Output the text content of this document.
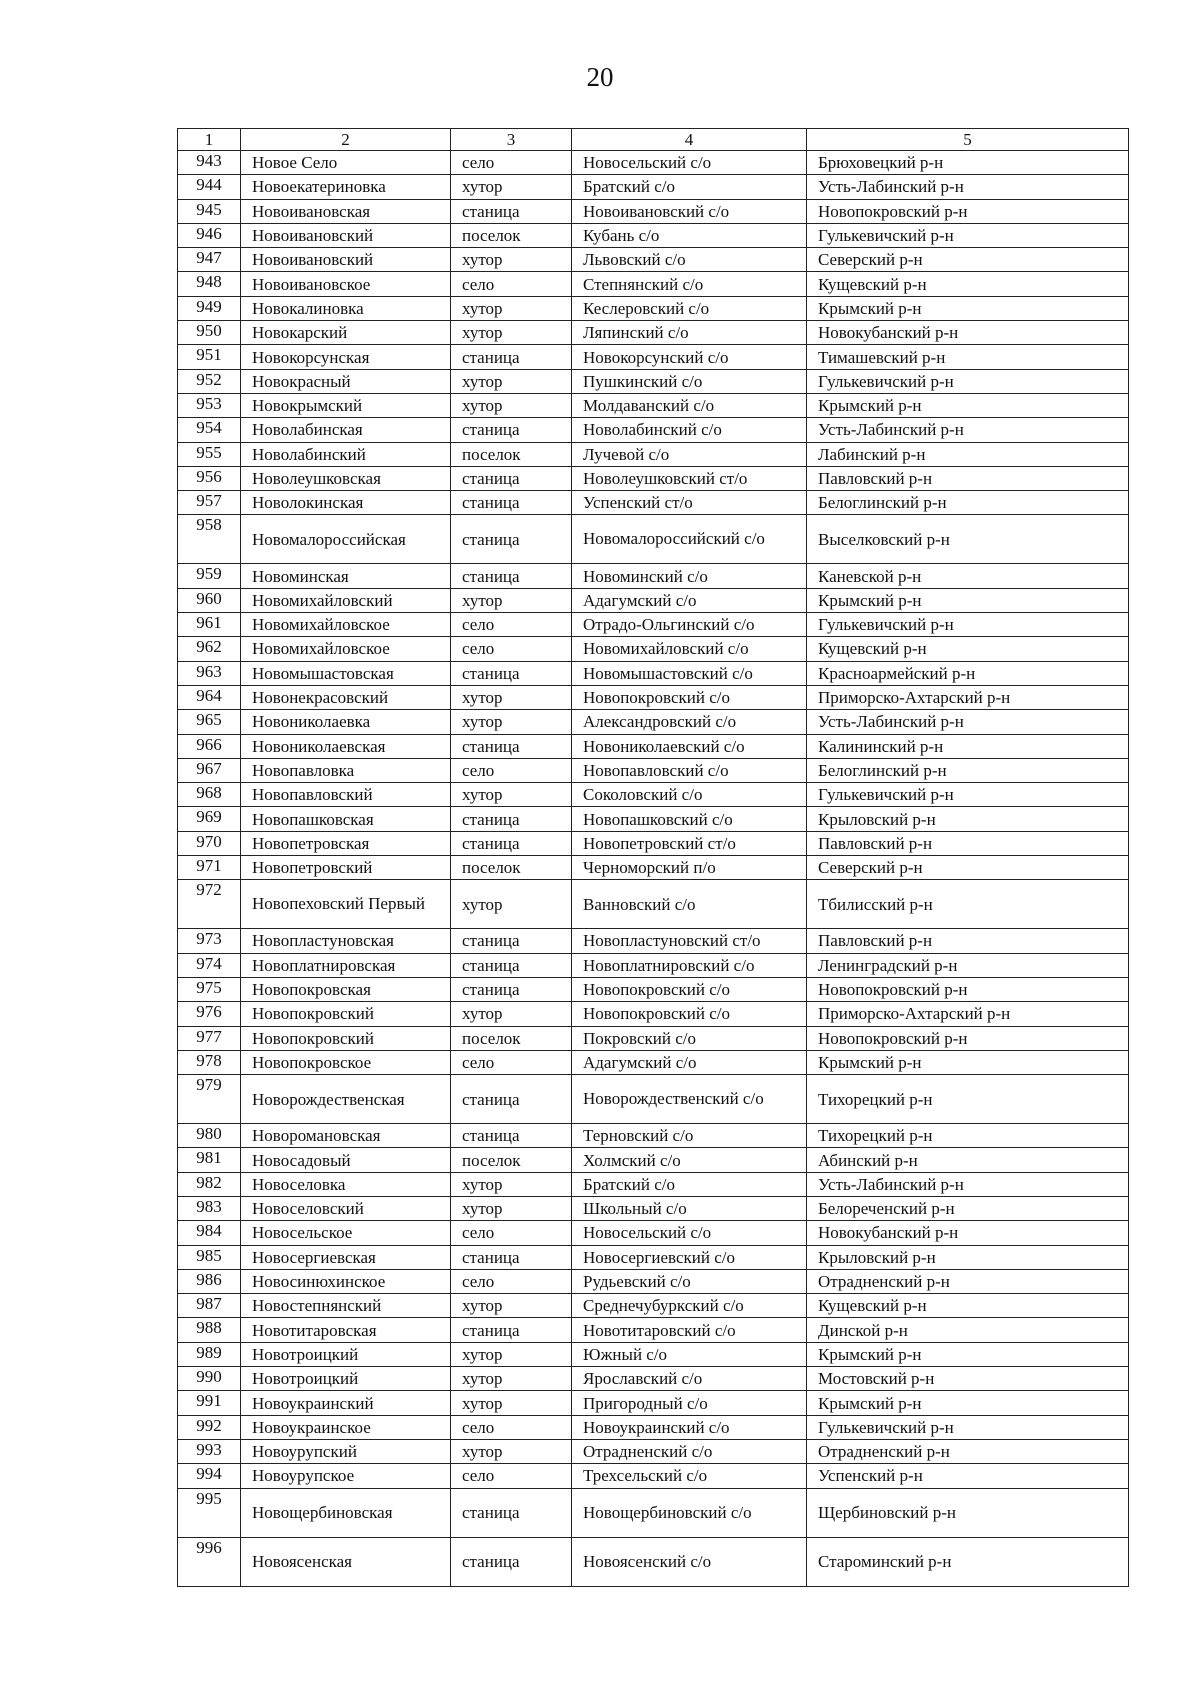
20
1	2	3	4	5
943	Новое Село	село	Новосельский с/о	Брюховецкий р-н
944	Новоекатериновка	хутор	Братский с/о	Усть-Лабинский р-н
945	Новоивановская	станица	Новоивановский с/о	Новопокровский р-н
946	Новоивановский	поселок	Кубань с/о	Гулькевичский р-н
947	Новоивановский	хутор	Львовский с/о	Северский р-н
948	Новоивановское	село	Степнянский с/о	Кущевский р-н
949	Новокалиновка	хутор	Кеслеровский с/о	Крымский р-н
950	Новокарский	хутор	Ляпинский с/о	Новокубанский р-н
951	Новокорсунская	станица	Новокорсунский с/о	Тимашевский р-н
952	Новокрасный	хутор	Пушкинский с/о	Гулькевичский р-н
953	Новокрымский	хутор	Молдаванский с/о	Крымский р-н
954	Новолабинская	станица	Новолабинский с/о	Усть-Лабинский р-н
955	Новолабинский	поселок	Лучевой с/о	Лабинский р-н
956	Новолеушковская	станица	Новолеушковский ст/о	Павловский р-н
957	Новолокинская	станица	Успенский ст/о	Белоглинский р-н
958	Новомалороссийская	станица	Новомалороссийский с/о	Выселковский р-н
959	Новоминская	станица	Новоминский с/о	Каневской р-н
960	Новомихайловский	хутор	Адагумский с/о	Крымский р-н
961	Новомихайловское	село	Отрадо-Ольгинский с/о	Гулькевичский р-н
962	Новомихайловское	село	Новомихайловский с/о	Кущевский р-н
963	Новомышастовская	станица	Новомышастовский с/о	Красноармейский р-н
964	Новонекрасовский	хутор	Новопокровский с/о	Приморско-Ахтарский р-н
965	Новониколаевка	хутор	Александровский с/о	Усть-Лабинский р-н
966	Новониколаевская	станица	Новониколаевский с/о	Калининский р-н
967	Новопавловка	село	Новопавловский с/о	Белоглинский р-н
968	Новопавловский	хутор	Соколовский с/о	Гулькевичский р-н
969	Новопашковская	станица	Новопашковский с/о	Крыловский р-н
970	Новопетровская	станица	Новопетровский ст/о	Павловский р-н
971	Новопетровский	поселок	Черноморский п/о	Северский р-н
972	Новопеховский Первый	хутор	Ванновский с/о	Тбилисский р-н
973	Новопластуновская	станица	Новопластуновский ст/о	Павловский р-н
974	Новоплатнировская	станица	Новоплатнировский с/о	Ленинградский р-н
975	Новопокровская	станица	Новопокровский с/о	Новопокровский р-н
976	Новопокровский	хутор	Новопокровский с/о	Приморско-Ахтарский р-н
977	Новопокровский	поселок	Покровский с/о	Новопокровский р-н
978	Новопокровское	село	Адагумский с/о	Крымский р-н
979	Новорождественская	станица	Новорождественский с/о	Тихорецкий р-н
980	Новоромановская	станица	Терновский с/о	Тихорецкий р-н
981	Новосадовый	поселок	Холмский с/о	Абинский р-н
982	Новоселовка	хутор	Братский с/о	Усть-Лабинский р-н
983	Новоселовский	хутор	Школьный с/о	Белореченский р-н
984	Новосельское	село	Новосельский с/о	Новокубанский р-н
985	Новосергиевская	станица	Новосергиевский с/о	Крыловский р-н
986	Новосинюхинское	село	Рудьевский с/о	Отрадненский р-н
987	Новостепнянский	хутор	Среднечубуркский с/о	Кущевский р-н
988	Новотитаровская	станица	Новотитаровский с/о	Динской р-н
989	Новотроицкий	хутор	Южный с/о	Крымский р-н
990	Новотроицкий	хутор	Ярославский с/о	Мостовский р-н
991	Новоукраинский	хутор	Пригородный с/о	Крымский р-н
992	Новоукраинское	село	Новоукраинский с/о	Гулькевичский р-н
993	Новоурупский	хутор	Отрадненский с/о	Отрадненский р-н
994	Новоурупское	село	Трехсельский с/о	Успенский р-н
995	Новощербиновская	станица	Новощербиновский с/о	Щербиновский р-н
996	Новоясенская	станица	Новоясенский с/о	Староминский р-н
